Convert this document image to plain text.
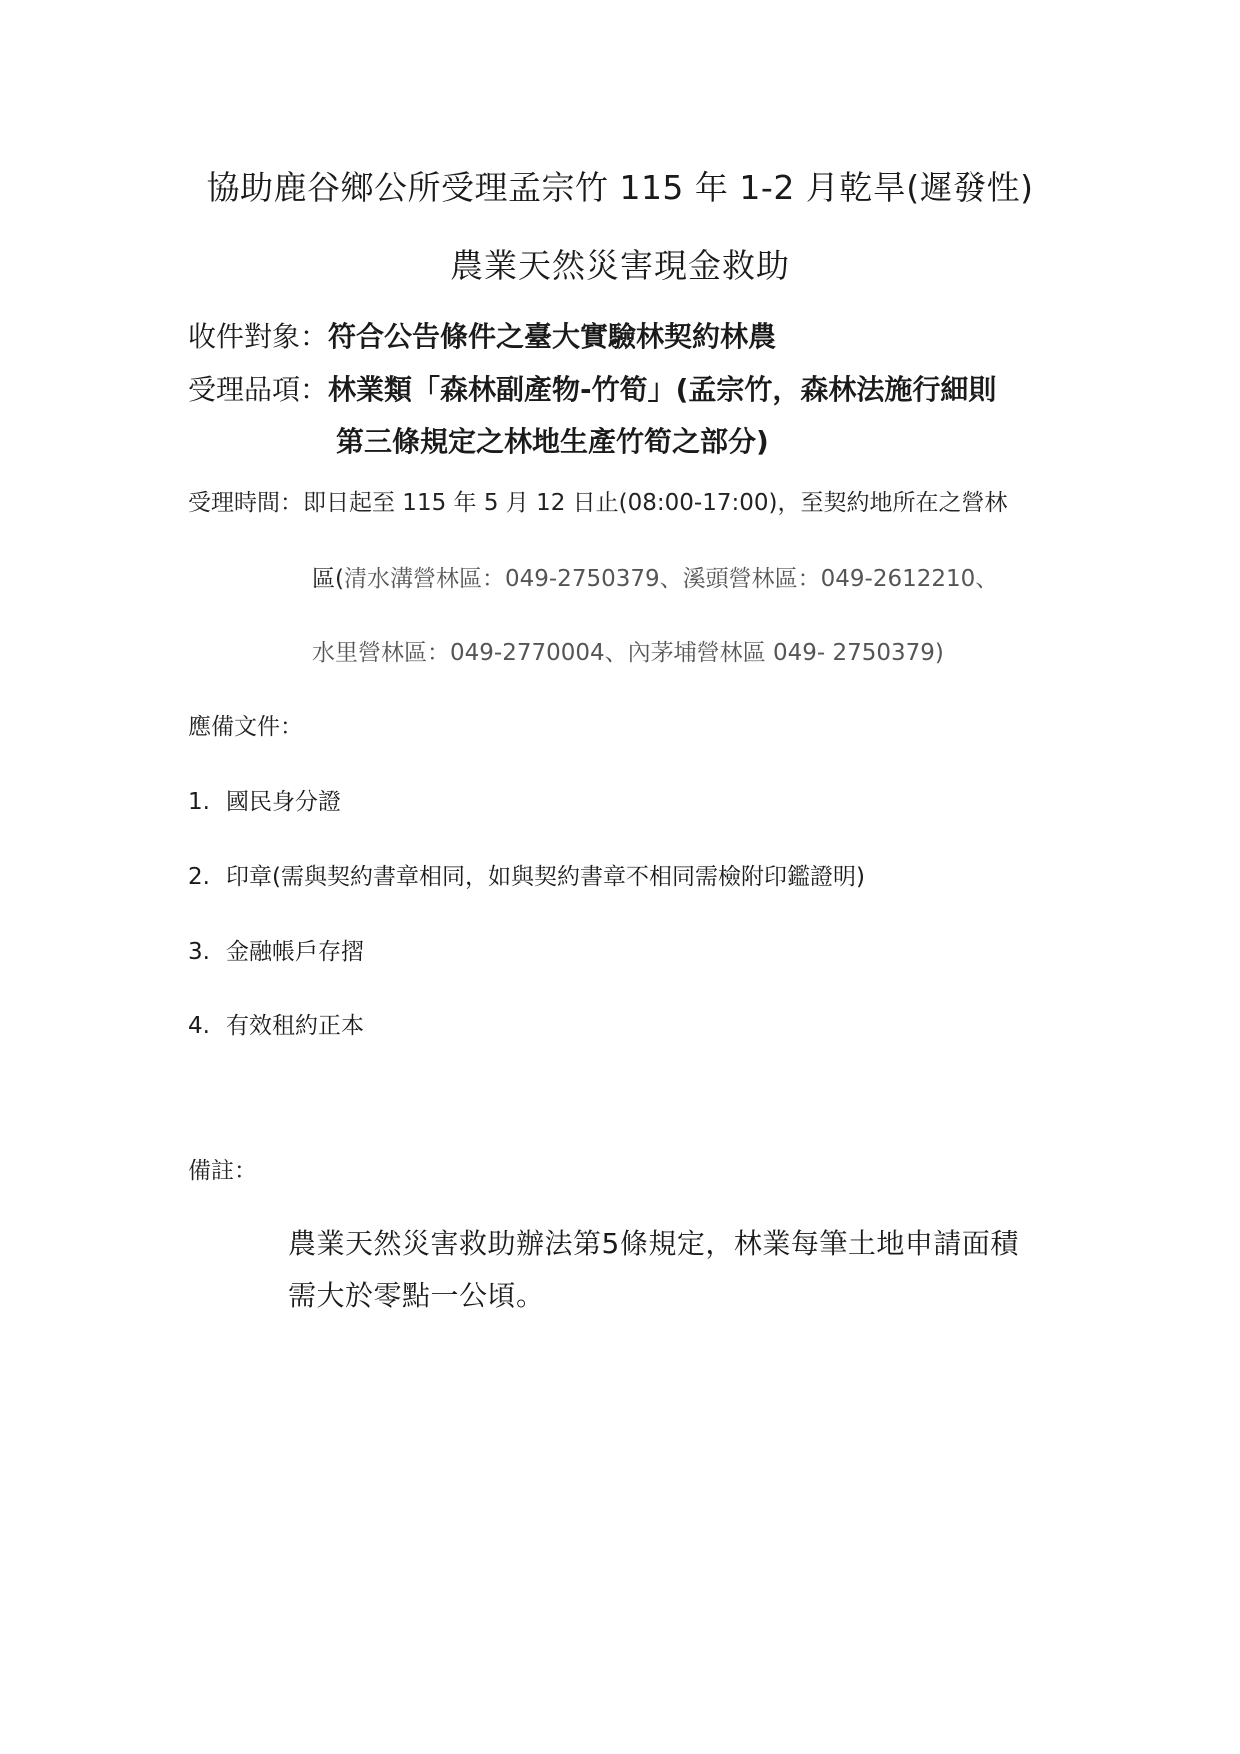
協助鹿谷鄉公所受理孟宗竹 115 年 1-2 月乾旱(遲發性)
農業天然災害現金救助
收件對象：符合公告條件之臺大實驗林契約林農
受理品項：林業類「森林副產物-竹筍」(孟宗竹，森林法施行細則
第三條規定之林地生產竹筍之部分)
受理時間：即日起至 115 年 5 月 12 日止(08:00-17:00)，至契約地所在之營林
區(清水溝營林區：049-2750379、溪頭營林區：049-2612210、
水里營林區：049-2770004、內茅埔營林區 049- 2750379)
應備文件：
1. 國民身分證
2. 印章(需與契約書章相同，如與契約書章不相同需檢附印鑑證明)
3. 金融帳戶存摺
4. 有效租約正本
備註：
農業天然災害救助辦法第5條規定，林業每筆土地申請面積
需大於零點一公頃。
